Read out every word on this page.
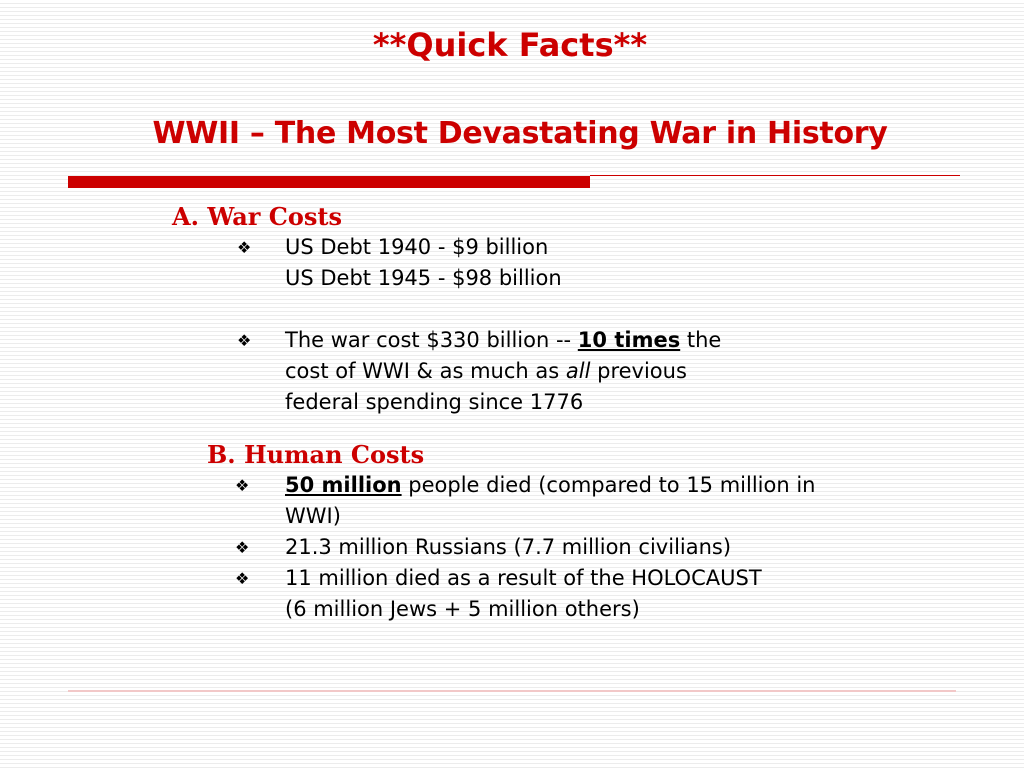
**Quick Facts**
WWII – The Most Devastating War in History
A. War Costs
❖ US Debt 1940 - $9 billion
US Debt 1945 - $98 billion
❖ The war cost $330 billion -- 10 times the
cost of WWI & as much as all previous
federal spending since 1776
B. Human Costs
❖ 50 million people died (compared to 15 million in
WWI)
❖ 21.3 million Russians (7.7 million civilians)
❖ 11 million died as a result of the HOLOCAUST
(6 million Jews + 5 million others)
